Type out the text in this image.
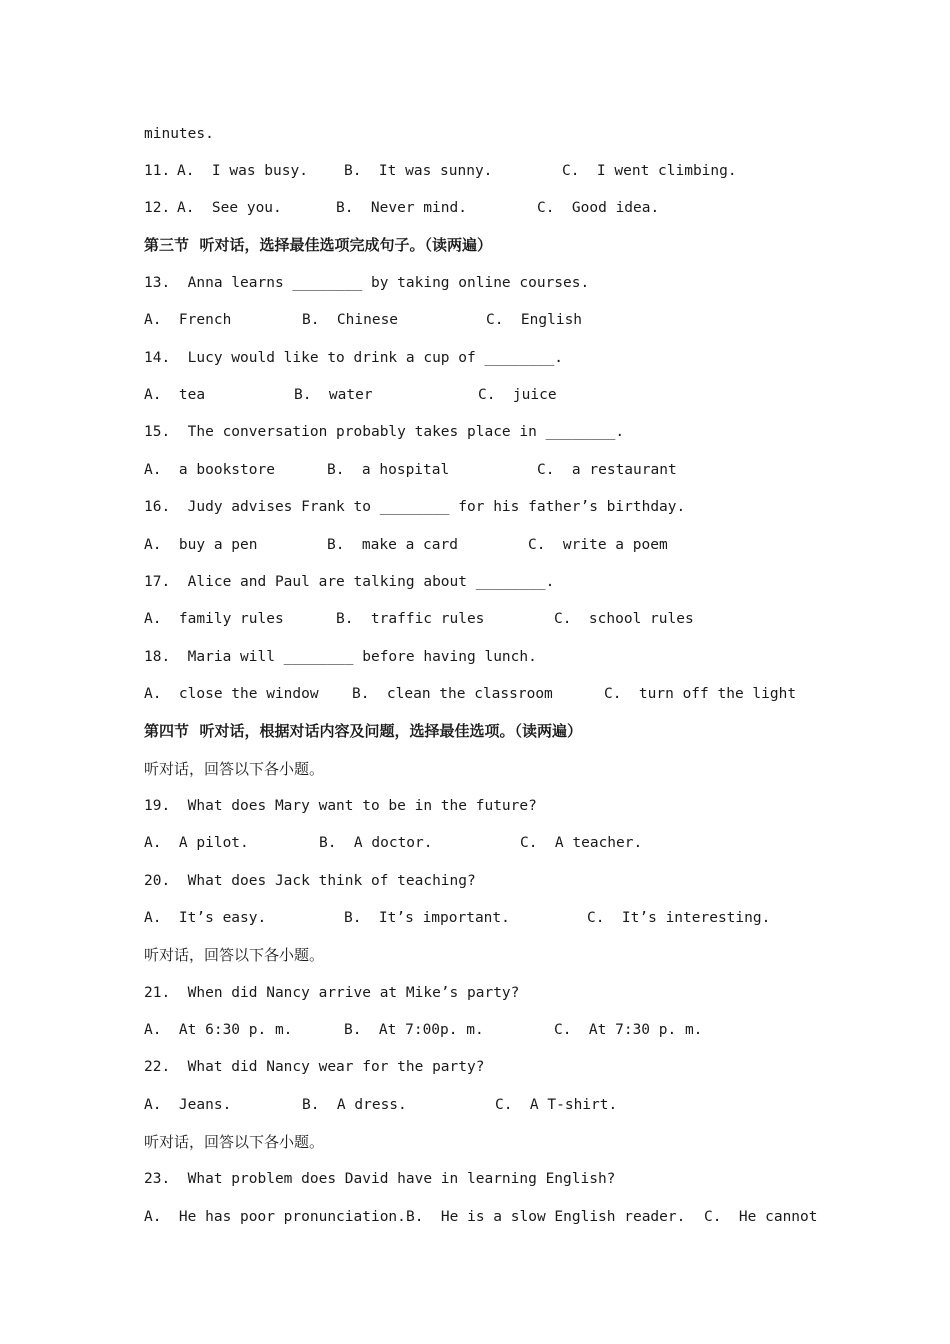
minutes.

11.

A.  I was busy.

B.  It was sunny.

	C.  I went climbing.

12.

A.  See you.

	B.  Never mind.

	C.  Good idea.

第三节  听对话，选择最佳选项完成句子。（读两遍）
13.  Anna learns ________ by taking online courses.

A.  French

	B.  Chinese

	C.  English

14.  Lucy would like to drink a cup of ________.

A.  tea

	B.  water

	C.  juice

15.  The conversation probably takes place in ________.

A.  a bookstore

	B.  a hospital

	C.  a restaurant

16.  Judy advises Frank to ________ for his father’s birthday.

A.  buy a pen

	B.  make a card

	C.  write a poem

17.  Alice and Paul are talking about ________.

A.  family rules

	B.  traffic rules

	C.  school rules

18.  Maria will ________ before having lunch.

A.  close the window

B.  clean the classroom

	C.  turn off the light

第四节  听对话，根据对话内容及问题，选择最佳选项。（读两遍）
听对话，回答以下各小题。
19.  What does Mary want to be in the future?

A.  A pilot.

	B.  A doctor.

	C.  A teacher.

20.  What does Jack think of teaching?

A.  It’s easy.

	B.  It’s important.

	C.  It’s interesting.

听对话，回答以下各小题。
21.  When did Nancy arrive at Mike’s party?

A.  At 6:30 p. m.

	B.  At 7:00p. m.

	C.  At 7:30 p. m.

22.  What did Nancy wear for the party?

A.  Jeans.

	B.  A dress.

	C.  A T-shirt.

听对话，回答以下各小题。
23.  What problem does David have in learning English?

A.  He has poor pronunciation.

B.  He is a slow English reader.

C.  He cannot
